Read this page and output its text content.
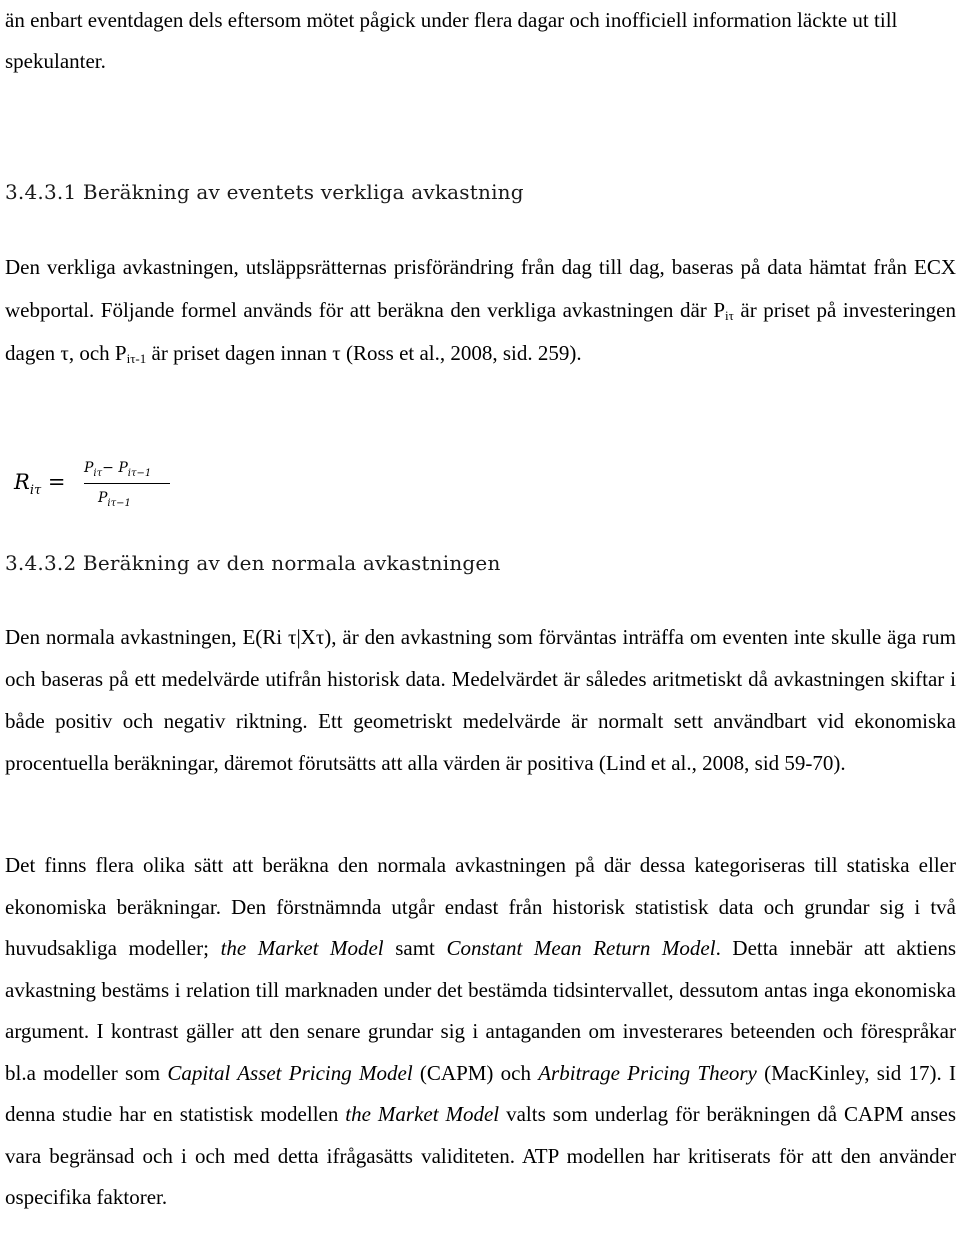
än enbart eventdagen dels eftersom mötet pågick under flera dagar och inofficiell information läckte ut till spekulanter.

3.4.3.1 Beräkning av eventets verkliga avkastning

Den verkliga avkastningen, utsläppsrätternas prisförändring från dag till dag, baseras på data hämtat från ECX webportal. Följande formel används för att beräkna den verkliga avkastningen där $P_{i\tau}$ är priset på investeringen dagen τ, och $P_{i\tau-1}$ är priset dagen innan τ (Ross et al., 2008, sid. 259).

$R_{i\tau}$ =
$P_{i\tau}- P_{i\tau-1}$
$P_{i\tau-1}$

3.4.3.2 Beräkning av den normala avkastningen

Den normala avkastningen, E(Ri τ|Xτ), är den avkastning som förväntas inträffa om eventen inte skulle äga rum och baseras på ett medelvärde utifrån historisk data. Medelvärdet är således aritmetiskt då avkastningen skiftar i både positiv och negativ riktning. Ett geometriskt medelvärde är normalt sett användbart vid ekonomiska procentuella beräkningar, däremot förutsätts att alla värden är positiva (Lind et al., 2008, sid 59-70).

Det finns flera olika sätt att beräkna den normala avkastningen på där dessa kategoriseras till statiska eller ekonomiska beräkningar. Den förstnämnda utgår endast från historisk statistisk data och grundar sig i två huvudsakliga modeller; the Market Model samt Constant Mean Return Model. Detta innebär att aktiens avkastning bestäms i relation till marknaden under det bestämda tidsintervallet, dessutom antas inga ekonomiska argument. I kontrast gäller att den senare grundar sig i antaganden om investerares beteenden och förespråkar bl.a modeller som Capital Asset Pricing Model (CAPM) och Arbitrage Pricing Theory (MacKinley, sid 17). I denna studie har en statistisk modellen the Market Model valts som underlag för beräkningen då CAPM anses vara begränsad och i och med detta ifrågasätts validiteten. ATP modellen har kritiserats för att den använder ospecifika faktorer.
